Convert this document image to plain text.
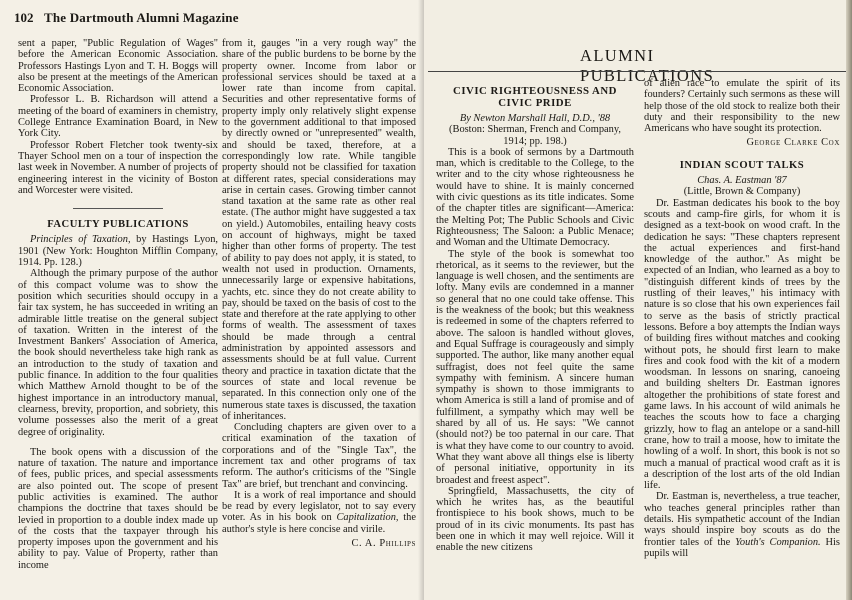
102 The Dartmouth Alumni Magazine

sent a paper, "Public Regulation of Wages" before the American Economic Association. Professors Hastings Lyon and T. H. Boggs will also be present at the meetings of the American Economic Association.

Professor L. B. Richardson will attend a meeting of the board of examiners in chemistry, College Entrance Examination Board, in New York City.

Professor Robert Fletcher took twenty-six Thayer School men on a tour of inspection the last week in November. A number of projects of engineering interest in the vicinity of Boston and Worcester were visited.

FACULTY PUBLICATIONS

Principles of Taxation, by Hastings Lyon, 1901 (New York: Houghton Mifflin Company, 1914. Pp. 128.)

Although the primary purpose of the author of this compact volume was to show the position which securities should occupy in a fair tax system, he has succeeded in writing an admirable little treatise on the general subject of taxation. Written in the interest of the Investment Bankers' Association of America, the book should nevertheless take high rank as an introduction to the study of taxation and public finance. In addition to the four qualities which Matthew Arnold thought to be of the highest importance in an introductory manual, clearness, brevity, proportion, and sobriety, this volume possesses also the merit of a great degree of originality.

The book opens with a discussion of the nature of taxation. The nature and importance of fees, public prices, and special assessments are also pointed out. The scope of present public activities is examined. The author champions the doctrine that taxes should be levied in proportion to a double index made up of the costs that the taxpayer through his property imposes upon the government and his ability to pay. Value of Property, rather than income

from it, gauges "in a very rough way" the share of the public burdens to be borne by the property owner. Income from labor or professional services should be taxed at a lower rate than income from capital. Securities and other representative forms of property imply only relatively slight expense to the government additional to that imposed by directly owned or "unrepresented" wealth, and should be taxed, therefore, at a correspondingly low rate. While tangible property should not be classified for taxation at different rates, special considerations may arise in certain cases. Growing timber cannot stand taxation at the same rate as other real estate. (The author might have suggested a tax on yield.) Automobiles, entailing heavy costs on account of highways, might be taxed higher than other forms of property. The test of ability to pay does not apply, it is stated, to wealth not used in production. Ornaments, unnecessarily large or expensive habitations, yachts, etc. since they do not create ability to pay, should be taxed on the basis of cost to the state and therefore at the rate applying to other forms of wealth. The assessment of taxes should be made through a central administration by appointed assessors and assessments should be at full value. Current theory and practice in taxation dictate that the sources of state and local revenue be separated. In this connection only one of the numerous state taxes is discussed, the taxation of inheritances.

Concluding chapters are given over to a critical examination of the taxation of corporations and of the "Single Tax", the increment tax and other programs of tax reform. The author's criticisms of the "Single Tax" are brief, but trenchant and convincing.

It is a work of real importance and should be read by every legislator, not to say every voter. As in his book on Capitalization, the author's style is here concise and virile.

C. A. Phillips
ALUMNI PUBLICATIONS
CIVIC RIGHTEOUSNESS AND CIVIC PRIDE
By Newton Marshall Hall, D.D., '88
(Boston: Sherman, French and Company, 1914; pp. 198.)

This is a book of sermons by a Dartmouth man, which is creditable to the College, to the writer and to the city whose righteousness he would have to shine. It is mainly concerned with civic questions as its title indicates. Some of the chapter titles are significant—America: the Melting Pot; The Public Schools and Civic Righteousness; The Saloon: a Public Menace; and Woman and the Ultimate Democracy.

The style of the book is somewhat too rhetorical, as it seems to the reviewer, but the language is well chosen, and the sentiments are lofty. Many evils are condemned in a manner so general that no one could take offense. This is the weakness of the book; but this weakness is redeemed in some of the chapters referred to above. The saloon is handled without gloves, and Equal Suffrage is courageously and simply supported. The author, like many another equal suffragist, does not feel quite the same sympathy with feminism. A sincere human sympathy is shown to those immigrants to whom America is still a land of promise and of fulfillment, a sympathy which may well be shared by all of us. He says: "We cannot (should not?) be too paternal in our care. That is what they have come to our country to avoid. What they want above all things else is liberty of personal initiative, opportunity in its broadest and freest aspect".

Springfield, Massachusetts, the city of which he writes has, as the beautiful frontispiece to his book shows, much to be proud of in its civic monuments. Its past has been one in which it may well rejoice. Will it enable the new citizens

of alien race to emulate the spirit of its founders? Certainly such sermons as these will help those of the old stock to realize both their duty and their responsibility to the new Americans who have sought its protection.

George Clarke Cox
INDIAN SCOUT TALKS
Chas. A. Eastman '87
(Little, Brown & Company)

Dr. Eastman dedicates his book to the boy scouts and camp-fire girls, for whom it is designed as a text-book on wood craft. In the dedication he says: "These chapters represent the actual experiences and first-hand knowledge of the author." As might be expected of an Indian, who learned as a boy to "distinguish different kinds of trees by the rustling of their leaves," his intimacy with nature is so close that his own experiences fail to serve as the basis of strictly practical lessons. Before a boy attempts the Indian ways of building fires without matches and cooking without pots, he should first learn to make fires and cook food with the kit of a modern woodsman. In lessons on snaring, canoeing and building shelters Dr. Eastman ignores altogether the prohibitions of state forest and game laws. In his account of wild animals he teaches the scouts how to face a charging grizzly, how to flag an antelope or a sand-hill crane, how to trail a moose, how to imitate the howling of a wolf. In short, this book is not so much a manual of practical wood craft as it is a description of the lost arts of the old Indian life.

Dr. Eastman is, nevertheless, a true teacher, who teaches general principles rather than details. His sympathetic account of the Indian ways should inspire boy scouts as do the frontier tales of the Youth's Companion. His pupils will
